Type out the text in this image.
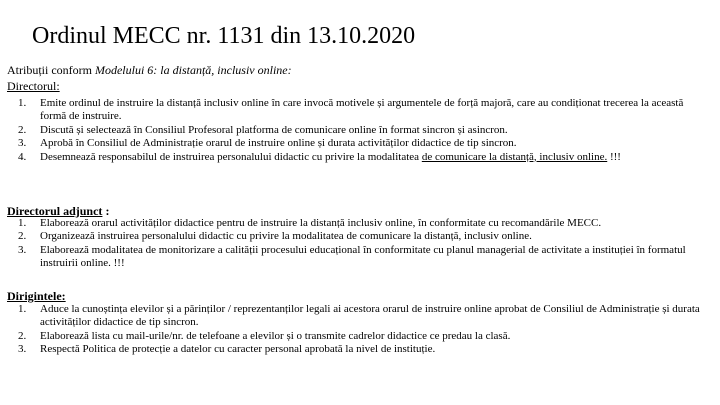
Ordinul MECC nr. 1131 din 13.10.2020
Atribuții conform Modelului 6: la distanță, inclusiv online:
Directorul:
1. Emite ordinul de instruire la distanță inclusiv online în care invocă motivele și argumentele de forță majoră, care au condiționat trecerea la această formă de instruire.
2. Discută și selectează în Consiliul Profesoral platforma de comunicare online în format sincron și asincron.
3. Aprobă în Consiliul de Administrație orarul de instruire online și durata activităților didactice de tip sincron.
4. Desemnează responsabilul de instruirea personalului didactic cu privire la modalitatea de comunicare la distanță, inclusiv online. !!!
Directorul adjunct :
1. Elaborează orarul activităților didactice pentru de instruire la distanță inclusiv online, în conformitate cu recomandările MECC.
2. Organizează instruirea personalului didactic cu privire la modalitatea de comunicare la distanță, inclusiv online.
3. Elaborează modalitatea de monitorizare a calității procesului educațional în conformitate cu planul managerial de activitate a instituției în formatul instruirii online. !!!
Dirigintele:
1. Aduce la cunoștința elevilor și a părinților / reprezentanților legali ai acestora orarul de instruire online aprobat de Consiliul de Administrație și durata activităților didactice de tip sincron.
2. Elaborează lista cu mail-urile/nr. de telefoane a elevilor și o transmite cadrelor didactice ce predau la clasă.
3. Respectă Politica de protecție a datelor cu caracter personal aprobată la nivel de instituție.
